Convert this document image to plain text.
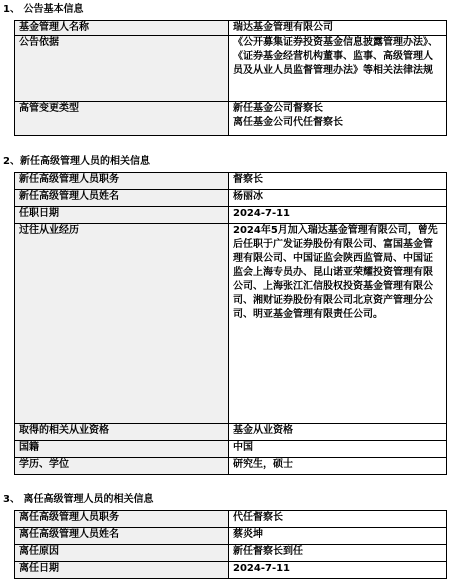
1、 公告基本信息
基金管理人名称	瑞达基金管理有限公司
公告依据	《公开募集证券投资基金信息披露管理办法》、《证券基金经营机构董事、监事、高级管理人员及从业人员监督管理办法》等相关法律法规
高管变更类型	新任基金公司督察长
离任基金公司代任督察长
2、新任高级管理人员的相关信息
新任高级管理人员职务	督察长
新任高级管理人员姓名	杨丽冰
任职日期	2024-7-11
过往从业经历	2024年5月加入瑞达基金管理有限公司，曾先后任职于广发证券股份有限公司、富国基金管理有限公司、中国证监会陕西监管局、中国证监会上海专员办、昆山诺亚荣耀投资管理有限公司、上海张江汇信股权投资基金管理有限公司、湘财证券股份有限公司北京资产管理分公司、明亚基金管理有限责任公司。
取得的相关从业资格	基金从业资格
国籍	中国
学历、学位	研究生，硕士
3、 离任高级管理人员的相关信息
离任高级管理人员职务	代任督察长
离任高级管理人员姓名	蔡炎坤
离任原因	新任督察长到任
离任日期	2024-7-11
